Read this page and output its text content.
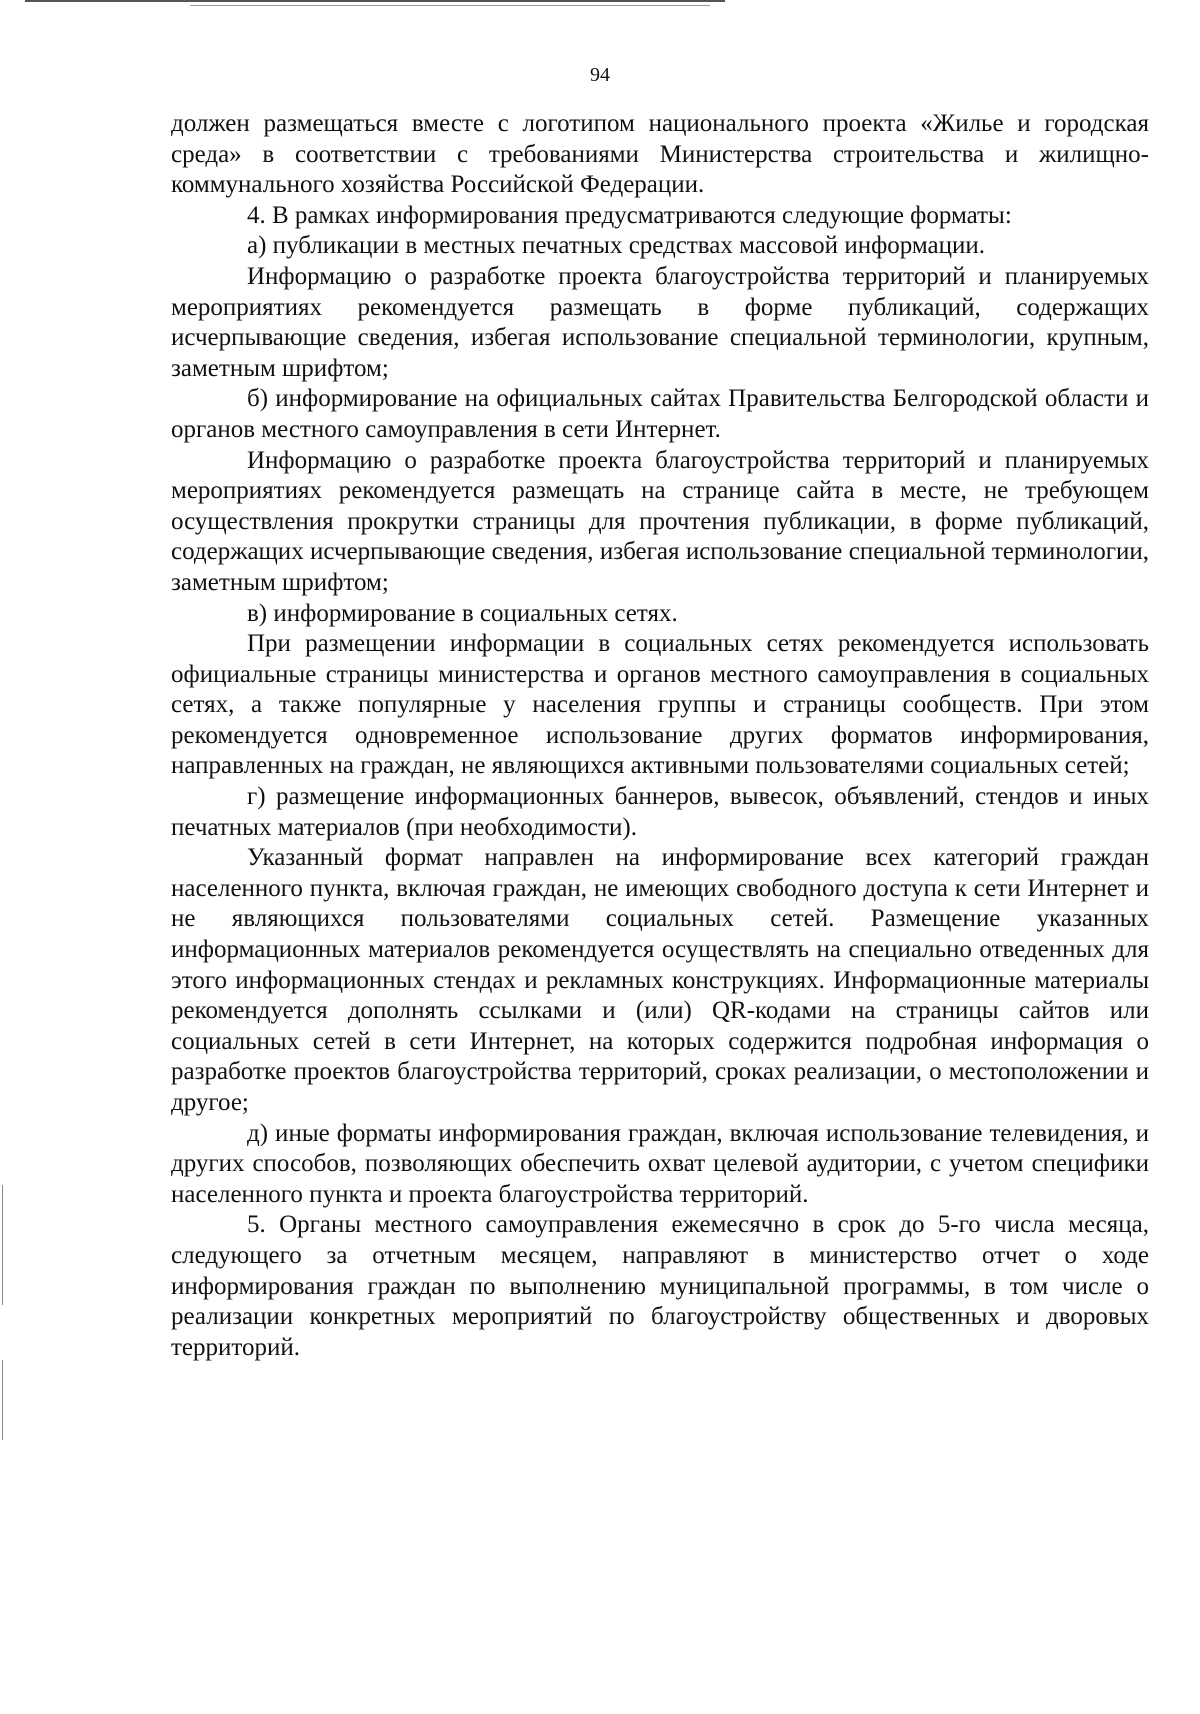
94

должен размещаться вместе с логотипом национального проекта «Жилье и городская среда» в соответствии с требованиями Министерства строительства и жилищно-коммунального хозяйства Российской Федерации.

4. В рамках информирования предусматриваются следующие форматы:

а) публикации в местных печатных средствах массовой информации.

Информацию о разработке проекта благоустройства территорий и планируемых мероприятиях рекомендуется размещать в форме публикаций, содержащих исчерпывающие сведения, избегая использование специальной терминологии, крупным, заметным шрифтом;

б) информирование на официальных сайтах Правительства Белгородской области и органов местного самоуправления в сети Интернет.

Информацию о разработке проекта благоустройства территорий и планируемых мероприятиях рекомендуется размещать на странице сайта в месте, не требующем осуществления прокрутки страницы для прочтения публикации, в форме публикаций, содержащих исчерпывающие сведения, избегая использование специальной терминологии, заметным шрифтом;

в) информирование в социальных сетях.

При размещении информации в социальных сетях рекомендуется использовать официальные страницы министерства и органов местного самоуправления в социальных сетях, а также популярные у населения группы и страницы сообществ. При этом рекомендуется одновременное использование других форматов информирования, направленных на граждан, не являющихся активными пользователями социальных сетей;

г) размещение информационных баннеров, вывесок, объявлений, стендов и иных печатных материалов (при необходимости).

Указанный формат направлен на информирование всех категорий граждан населенного пункта, включая граждан, не имеющих свободного доступа к сети Интернет и не являющихся пользователями социальных сетей. Размещение указанных информационных материалов рекомендуется осуществлять на специально отведенных для этого информационных стендах и рекламных конструкциях. Информационные материалы рекомендуется дополнять ссылками и (или) QR-кодами на страницы сайтов или социальных сетей в сети Интернет, на которых содержится подробная информация о разработке проектов благоустройства территорий, сроках реализации, о местоположении и другое;

д) иные форматы информирования граждан, включая использование телевидения, и других способов, позволяющих обеспечить охват целевой аудитории, с учетом специфики населенного пункта и проекта благоустройства территорий.

5. Органы местного самоуправления ежемесячно в срок до 5-го числа месяца, следующего за отчетным месяцем, направляют в министерство отчет о ходе информирования граждан по выполнению муниципальной программы, в том числе о реализации конкретных мероприятий по благоустройству общественных и дворовых территорий.
